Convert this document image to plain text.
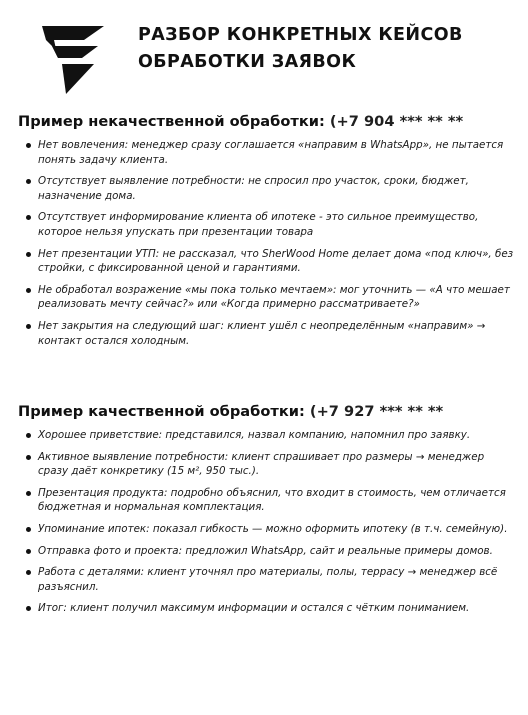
РАЗБОР КОНКРЕТНЫХ КЕЙСОВ
ОБРАБОТКИ ЗАЯВОК
Пример некачественной обработки: (+7 904 *** ** **
Нет вовлечения: менеджер сразу соглашается «направим в WhatsApp», не пытается понять задачу клиента.
Отсутствует выявление потребности: не спросил про участок, сроки, бюджет, назначение дома.
Отсутствует информирование клиента об ипотеке - это сильное преимущество, которое нельзя упускать при презентации товара
Нет презентации УТП: не рассказал, что SherWood Home делает дома «под ключ», без стройки, с фиксированной ценой и гарантиями.
Не обработал возражение «мы пока только мечтаем»: мог уточнить — «А что мешает реализовать мечту сейчас?» или «Когда примерно рассматриваете?»
Нет закрытия на следующий шаг: клиент ушёл с неопределённым «направим» → контакт остался холодным.
Пример качественной обработки: (+7 927 *** ** **
Хорошее приветствие: представился, назвал компанию, напомнил про заявку.
Активное выявление потребности: клиент спрашивает про размеры → менеджер сразу даёт конкретику (15 м², 950 тыс.).
Презентация продукта: подробно объяснил, что входит в стоимость, чем отличается бюджетная и нормальная комплектация.
Упоминание ипотек: показал гибкость — можно оформить ипотеку (в т.ч. семейную).
Отправка фото и проекта: предложил WhatsApp, сайт и реальные примеры домов.
Работа с деталями: клиент уточнял про материалы, полы, террасу → менеджер всё разъяснил.
Итог: клиент получил максимум информации и остался с чётким пониманием.
